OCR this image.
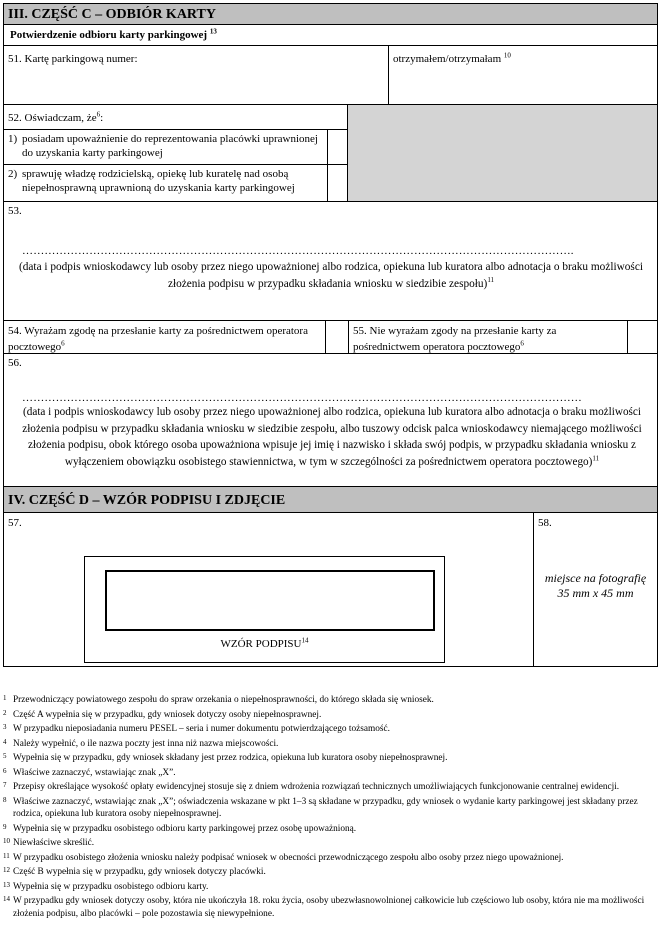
III. CZĘŚĆ C – ODBIÓR KARTY
Potwierdzenie odbioru karty parkingowej $^{13}$
51. Kartę parkingową numer:	otrzymałem/otrzymałam $^{10}$
52. Oświadczam, $że^6$:
1) posiadam upoważnienie do reprezentowania placówki uprawnionej do uzyskania karty parkingowej
2) sprawuję władzę rodzicielską, opiekę lub kuratelę nad osobą niepełnosprawną uprawnioną do uzyskania karty parkingowej
53.
………………………………………………………………………………………………………………………………….
(data i podpis wnioskodawcy lub osoby przez niego upoważnionej albo rodzica, opiekuna lub kuratora albo adnotacja o braku możliwości złożenia podpisu w przypadku składania wniosku w siedzibie zespołu)$^{11}$
54. Wyrażam zgodę na przesłanie karty za pośrednictwem operatora pocztowego$^6$
55. Nie wyrażam zgody na przesłanie karty za pośrednictwem operatora pocztowego$^6$
56.
……………………………………………………………………………………………………………………………………
(data i podpis wnioskodawcy lub osoby przez niego upoważnionej albo rodzica, opiekuna lub kuratora albo adnotacja o braku możliwości złożenia podpisu w przypadku składania wniosku w siedzibie zespołu, albo tuszowy odcisk palca wnioskodawcy niemającego możliwości złożenia podpisu, obok którego osoba upoważniona wpisuje jej imię i nazwisko i składa swój podpis, w przypadku składania wniosku z wyłączeniem obowiązku osobistego stawiennictwa, w tym w szczególności za pośrednictwem operatora pocztowego)$^{11}$
IV. CZĘŚĆ D – WZÓR PODPISU I ZDJĘCIE
57.
WZÓR PODPISU$^{14}$
58.
miejsce na fotografię 35 mm x 45 mm
1 Przewodniczący powiatowego zespołu do spraw orzekania o niepełnosprawności, do którego składa się wniosek.
2 Część A wypełnia się w przypadku, gdy wniosek dotyczy osoby niepełnosprawnej.
3 W przypadku nieposiadania numeru PESEL – seria i numer dokumentu potwierdzającego tożsamość.
4 Należy wypełnić, o ile nazwa poczty jest inna niż nazwa miejscowości.
5 Wypełnia się w przypadku, gdy wniosek składany jest przez rodzica, opiekuna lub kuratora osoby niepełnosprawnej.
6 Właściwe zaznaczyć, wstawiając znak „X”.
7 Przepisy określające wysokość opłaty ewidencyjnej stosuje się z dniem wdrożenia rozwiązań technicznych umożliwiających funkcjonowanie centralnej ewidencji.
8 Właściwe zaznaczyć, wstawiając znak „X”; oświadczenia wskazane w pkt 1–3 są składane w przypadku, gdy wniosek o wydanie karty parkingowej jest składany przez rodzica, opiekuna lub kuratora osoby niepełnosprawnej.
9 Wypełnia się w przypadku osobistego odbioru karty parkingowej przez osobę upoważnioną.
10 Niewłaściwe skreślić.
11 W przypadku osobistego złożenia wniosku należy podpisać wniosek w obecności przewodniczącego zespołu albo osoby przez niego upoważnionej.
12 Część B wypełnia się w przypadku, gdy wniosek dotyczy placówki.
13 Wypełnia się w przypadku osobistego odbioru karty.
14 W przypadku gdy wniosek dotyczy osoby, która nie ukończyła 18. roku życia, osoby ubezwłasnowolnionej całkowicie lub częściowo lub osoby, która nie ma możliwości złożenia podpisu, albo placówki – pole pozostawia się niewypełnione.
